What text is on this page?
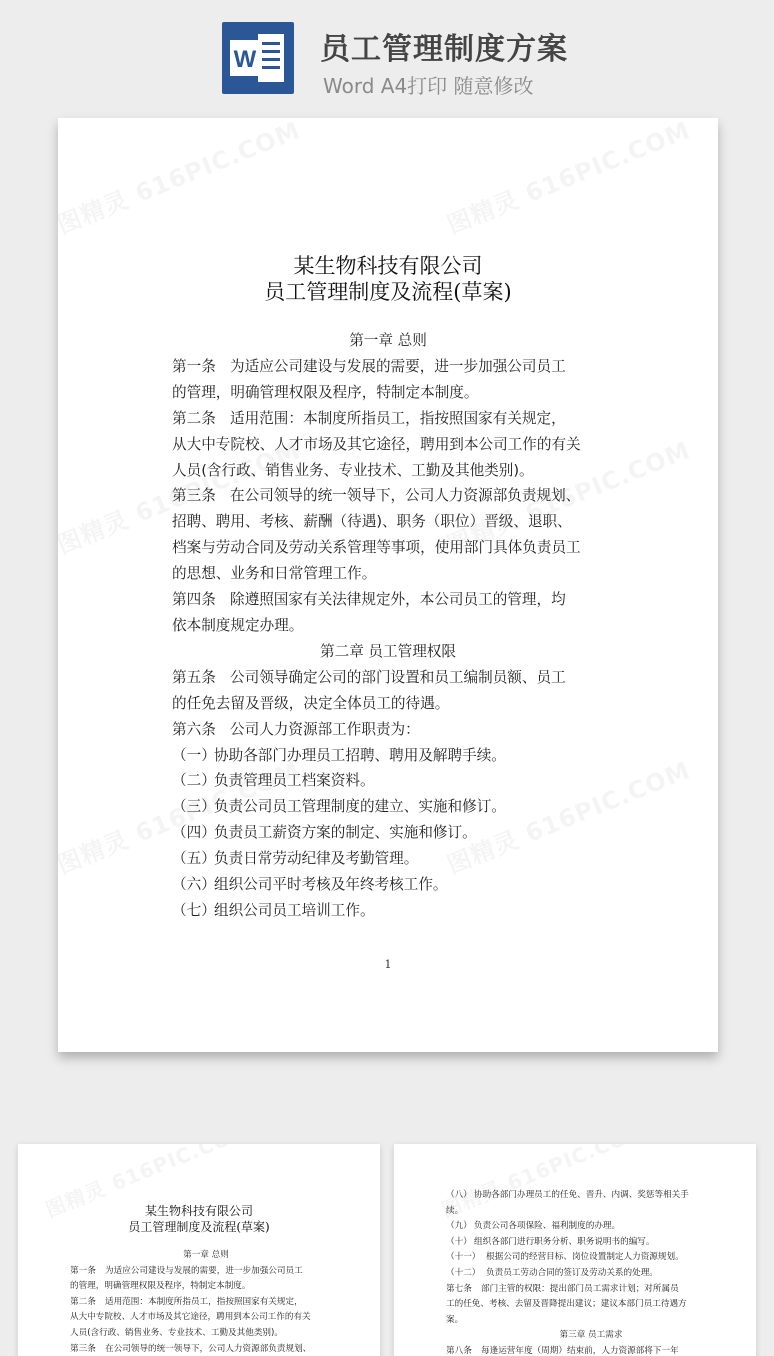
W 员工管理制度方案
Word A4打印 随意修改
某生物科技有限公司
员工管理制度及流程(草案)
第一章 总则
第一条 为适应公司建设与发展的需要，进一步加强公司员工
的管理，明确管理权限及程序，特制定本制度。
第二条 适用范围：本制度所指员工，指按照国家有关规定，
从大中专院校、人才市场及其它途径，聘用到本公司工作的有关
人员(含行政、销售业务、专业技术、工勤及其他类别)。
第三条 在公司领导的统一领导下，公司人力资源部负责规划、
招聘、聘用、考核、薪酬（待遇)、职务（职位）晋级、退职、
档案与劳动合同及劳动关系管理等事项，使用部门具体负责员工
的思想、业务和日常管理工作。
第四条 除遵照国家有关法律规定外，本公司员工的管理，均
依本制度规定办理。
第二章 员工管理权限
第五条 公司领导确定公司的部门设置和员工编制员额、员工
的任免去留及晋级，决定全体员工的待遇。
第六条 公司人力资源部工作职责为：
（一）协助各部门办理员工招聘、聘用及解聘手续。
（二）负责管理员工档案资料。
（三）负责公司员工管理制度的建立、实施和修订。
（四）负责员工薪资方案的制定、实施和修订。
（五）负责日常劳动纪律及考勤管理。
（六）组织公司平时考核及年终考核工作。
（七）组织公司员工培训工作。
1
某生物科技有限公司
员工管理制度及流程(草案)
第一章 总则
第一条 为适应公司建设与发展的需要，进一步加强公司员工
的管理，明确管理权限及程序，特制定本制度。
第二条 适用范围：本制度所指员工，指按照国家有关规定，
从大中专院校、人才市场及其它途径，聘用到本公司工作的有关
人员(含行政、销售业务、专业技术、工勤及其他类别)。
第三条 在公司领导的统一领导下，公司人力资源部负责规划、
（八） 协助各部门办理员工的任免、晋升、内调、奖惩等相关手
续。
（九） 负责公司各项保险、福利制度的办理。
（十） 组织各部门进行职务分析、职务说明书的编写。
（十一） 根据公司的经营目标、岗位设置制定人力资源规划。
（十二） 负责员工劳动合同的签订及劳动关系的处理。
第七条 部门主管的权限：提出部门员工需求计划；对所属员
工的任免、考核、去留及晋降提出建议；建议本部门员工待遇方
案。
第三章 员工需求
第八条 每逢运营年度（周期）结束前，人力资源部将下一年
